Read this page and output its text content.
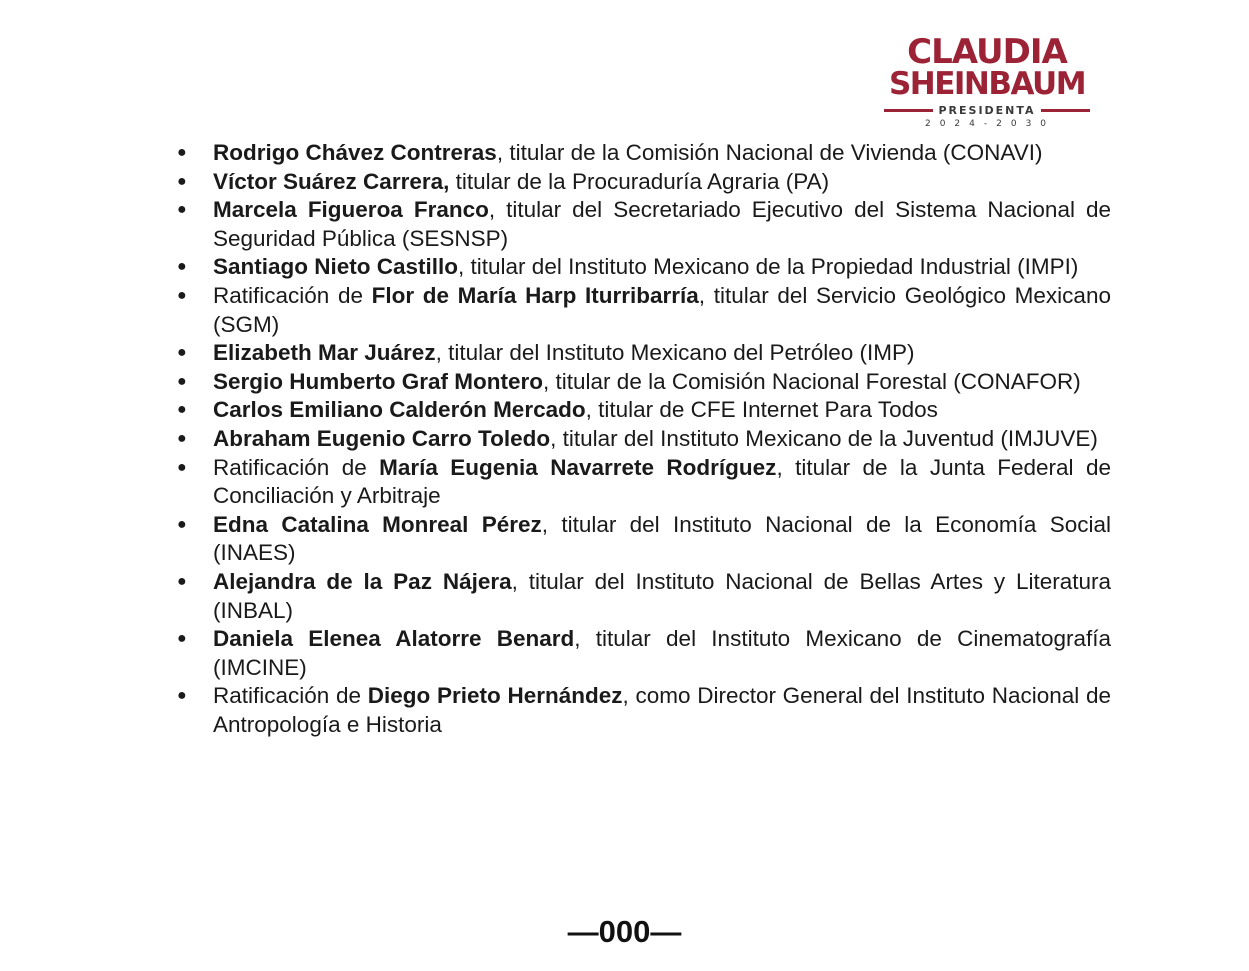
CLAUDIA
SHEINBAUM
PRESIDENTA
2024-2030
● Rodrigo Chávez Contreras, titular de la Comisión Nacional de Vivienda (CONAVI)
● Víctor Suárez Carrera, titular de la Procuraduría Agraria (PA)
● Marcela Figueroa Franco, titular del Secretariado Ejecutivo del Sistema Nacional de Seguridad Pública (SESNSP)
● Santiago Nieto Castillo, titular del Instituto Mexicano de la Propiedad Industrial (IMPI)
● Ratificación de Flor de María Harp Iturribarría, titular del Servicio Geológico Mexicano (SGM)
● Elizabeth Mar Juárez, titular del Instituto Mexicano del Petróleo (IMP)
● Sergio Humberto Graf Montero, titular de la Comisión Nacional Forestal (CONAFOR)
● Carlos Emiliano Calderón Mercado, titular de CFE Internet Para Todos
● Abraham Eugenio Carro Toledo, titular del Instituto Mexicano de la Juventud (IMJUVE)
● Ratificación de María Eugenia Navarrete Rodríguez, titular de la Junta Federal de Conciliación y Arbitraje
● Edna Catalina Monreal Pérez, titular del Instituto Nacional de la Economía Social (INAES)
● Alejandra de la Paz Nájera, titular del Instituto Nacional de Bellas Artes y Literatura (INBAL)
● Daniela Elenea Alatorre Benard, titular del Instituto Mexicano de Cinematografía (IMCINE)
● Ratificación de Diego Prieto Hernández, como Director General del Instituto Nacional de Antropología e Historia
—000—
